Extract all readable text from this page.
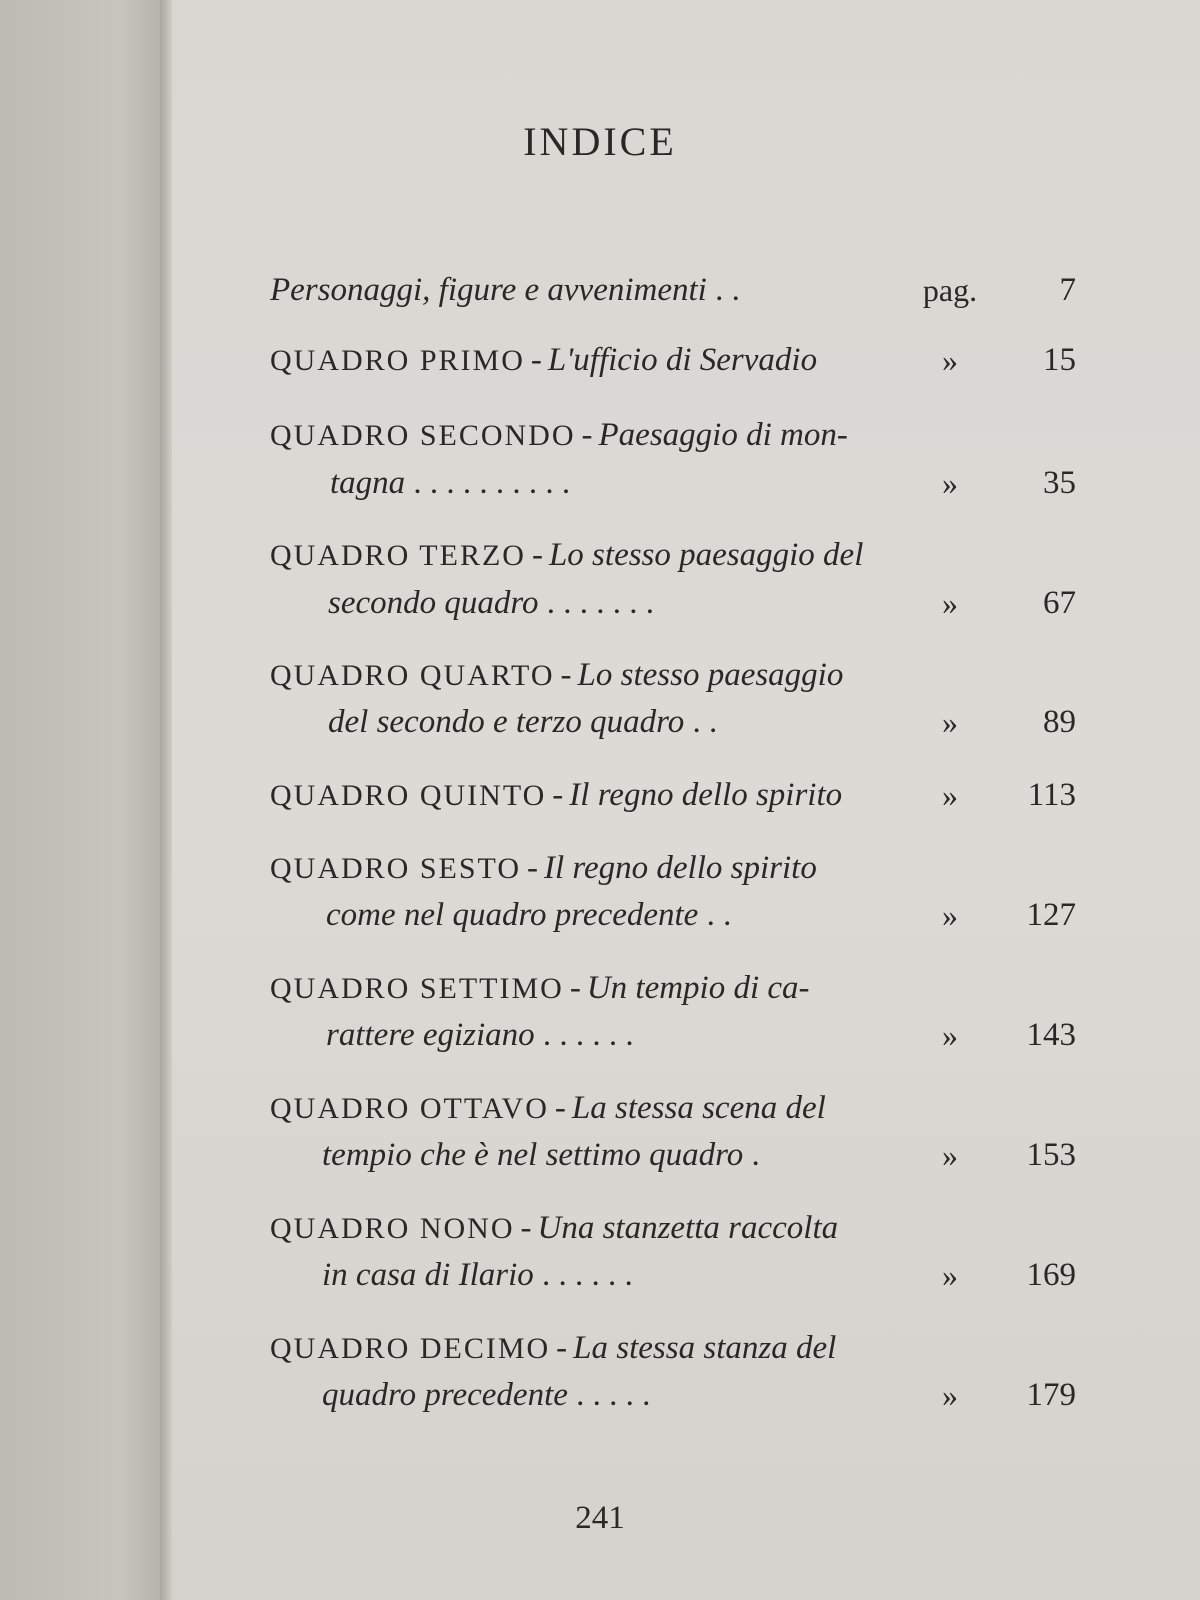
INDICE
Personaggi, figure e avvenimenti . .	pag.	7
QUADRO PRIMO - L'ufficio di Servadio	»	15
QUADRO SECONDO - Paesaggio di mon-
tagna . . . . . . . . . .	»	35
QUADRO TERZO - Lo stesso paesaggio del
secondo quadro . . . . . . .	»	67
QUADRO QUARTO - Lo stesso paesaggio
del secondo e terzo quadro . .	»	89
QUADRO QUINTO - Il regno dello spirito	»	113
QUADRO SESTO - Il regno dello spirito
come nel quadro precedente . .	»	127
QUADRO SETTIMO - Un tempio di ca-
rattere egiziano . . . . . .	»	143
QUADRO OTTAVO - La stessa scena del
tempio che è nel settimo quadro .	»	153
QUADRO NONO - Una stanzetta raccolta
in casa di Ilario . . . . . .	»	169
QUADRO DECIMO - La stessa stanza del
quadro precedente . . . . .	»	179
241
